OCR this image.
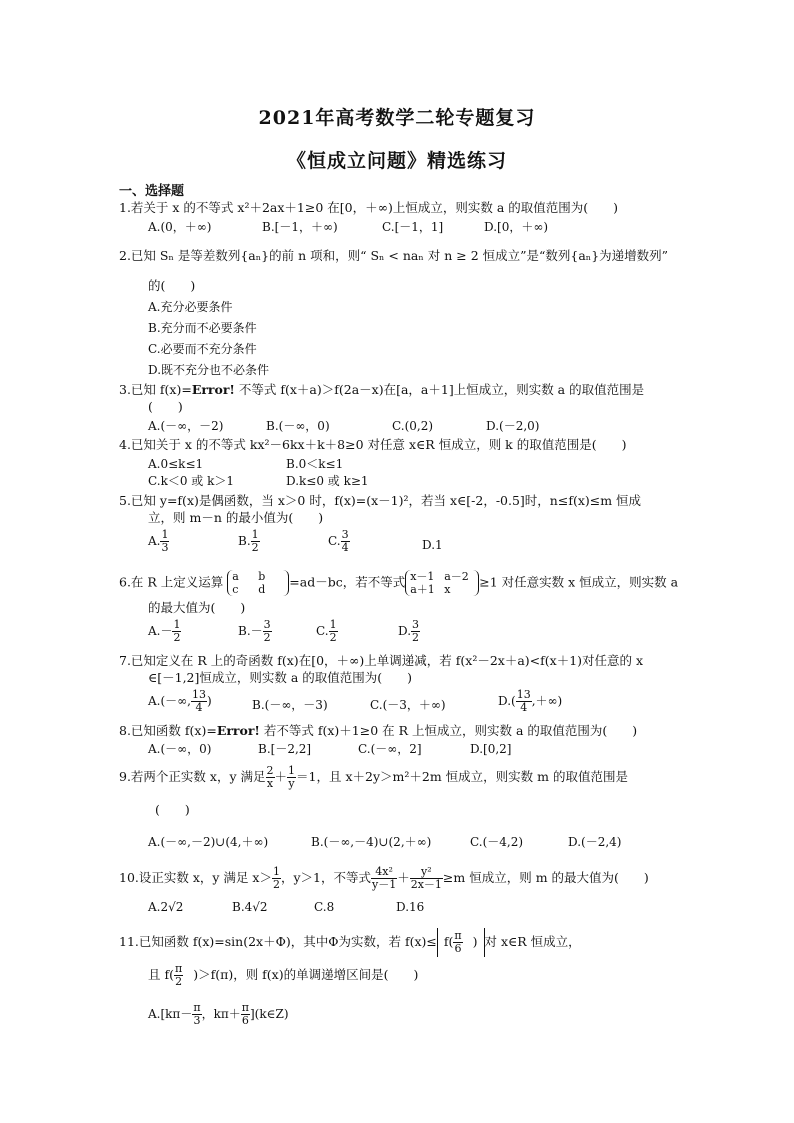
2021年高考数学二轮专题复习
《恒成立问题》精选练习
一、选择题
1.若关于 x 的不等式 x²＋2ax＋1≥0 在[0，＋∞)上恒成立，则实数 a 的取值范围为(　　)
A.(0，＋∞)	B.[－1，＋∞)	C.[－1，1]	D.[0，＋∞)
2.已知 Sₙ 是等差数列{aₙ}的前 n 项和，则“ Sₙ < naₙ 对 n ≥ 2 恒成立”是“数列{aₙ}为递增数列”
的(　　)
A.充分必要条件
B.充分而不必要条件
C.必要而不充分条件
D.既不充分也不必条件
3.已知 f(x)=Error! 不等式 f(x＋a)＞f(2a－x)在[a，a＋1]上恒成立，则实数 a 的取值范围是
(　　)
A.(－∞，－2)	B.(－∞，0)	C.(0,2)	D.(－2,0)
4.已知关于 x 的不等式 kx²－6kx＋k＋8≥0 对任意 x∈R 恒成立，则 k 的取值范围是(　　)
A.0≤k≤1	B.0＜k≤1
C.k＜0 或 k＞1	D.k≤0 或 k≥1
5.已知 y=f(x)是偶函数，当 x＞0 时，f(x)=(x－1)²，若当 x∈[-2，-0.5]时，n≤f(x)≤m 恒成
立，则 m－n 的最小值为(　　)
A. $\frac{1}{3}$	B. $\frac{1}{2}$	C. $\frac{3}{4}$	D.1
6.在 R 上定义运算 a b
c d =ad－bc，若不等式 x－1 a－2
a＋1 x ≥1 对任意实数 x 恒成立，则实数 a
的最大值为(　　)
$A.- \frac{1}{2}$	$B.- \frac{3}{2}$	C. $\frac{1}{2}$	D. $\frac{3}{2}$
7.已知定义在 R 上的奇函数 f(x)在[0，＋∞)上单调递减，若 f(x²－2x＋a)<f(x＋1)对任意的 x
∈[－1,2]恒成立，则实数 a 的取值范围为(　　)
A.(－∞, $\frac{13}{4}$ )	B.(－∞，－3)	C.(－3，＋∞)	$D.( \frac{13}{4}$ ,＋∞)
8.已知函数 f(x)=Error! 若不等式 f(x)＋1≥0 在 R 上恒成立，则实数 a 的取值范围为(　　)
A.(－∞，0)	B.[－2,2]	C.(－∞，2]	D.[0,2]
9.若两个正实数 x，y 满足 $\frac{2}{x} + \frac{1}{y} =1$，且 x＋2y＞m²＋2m 恒成立，则实数 m 的取值范围是
(　　)
A.(－∞,－2)∪(4,＋∞)	B.(－∞,－4)∪(2,＋∞)	C.(－4,2)	D.(－2,4)
10.设正实数 x，y 满足 $x> \frac{1}{2}$ ，y＞1，不等式 $\frac{\text{4x²}}{y-1} + \frac{\text{y²}}{2x-1} \ge m$ 恒成立，则 m 的最大值为(　　)
A.2√2	B.4√2	C.8	D.16
11.已知函数 f(x)=sin(2x＋Φ)，其中Φ为实数，若 $f(x)\le f( \frac{\pi}{6}$ ) 对 x∈R 恒成立，
且 $f( \frac{\pi}{2} )>f(\pi)$，则 f(x)的单调递增区间是(　　)
$A.[k\pi- \frac{\pi}{3}$ ，$k\pi+ \frac{\pi}{6}$ ](k∈Z)
